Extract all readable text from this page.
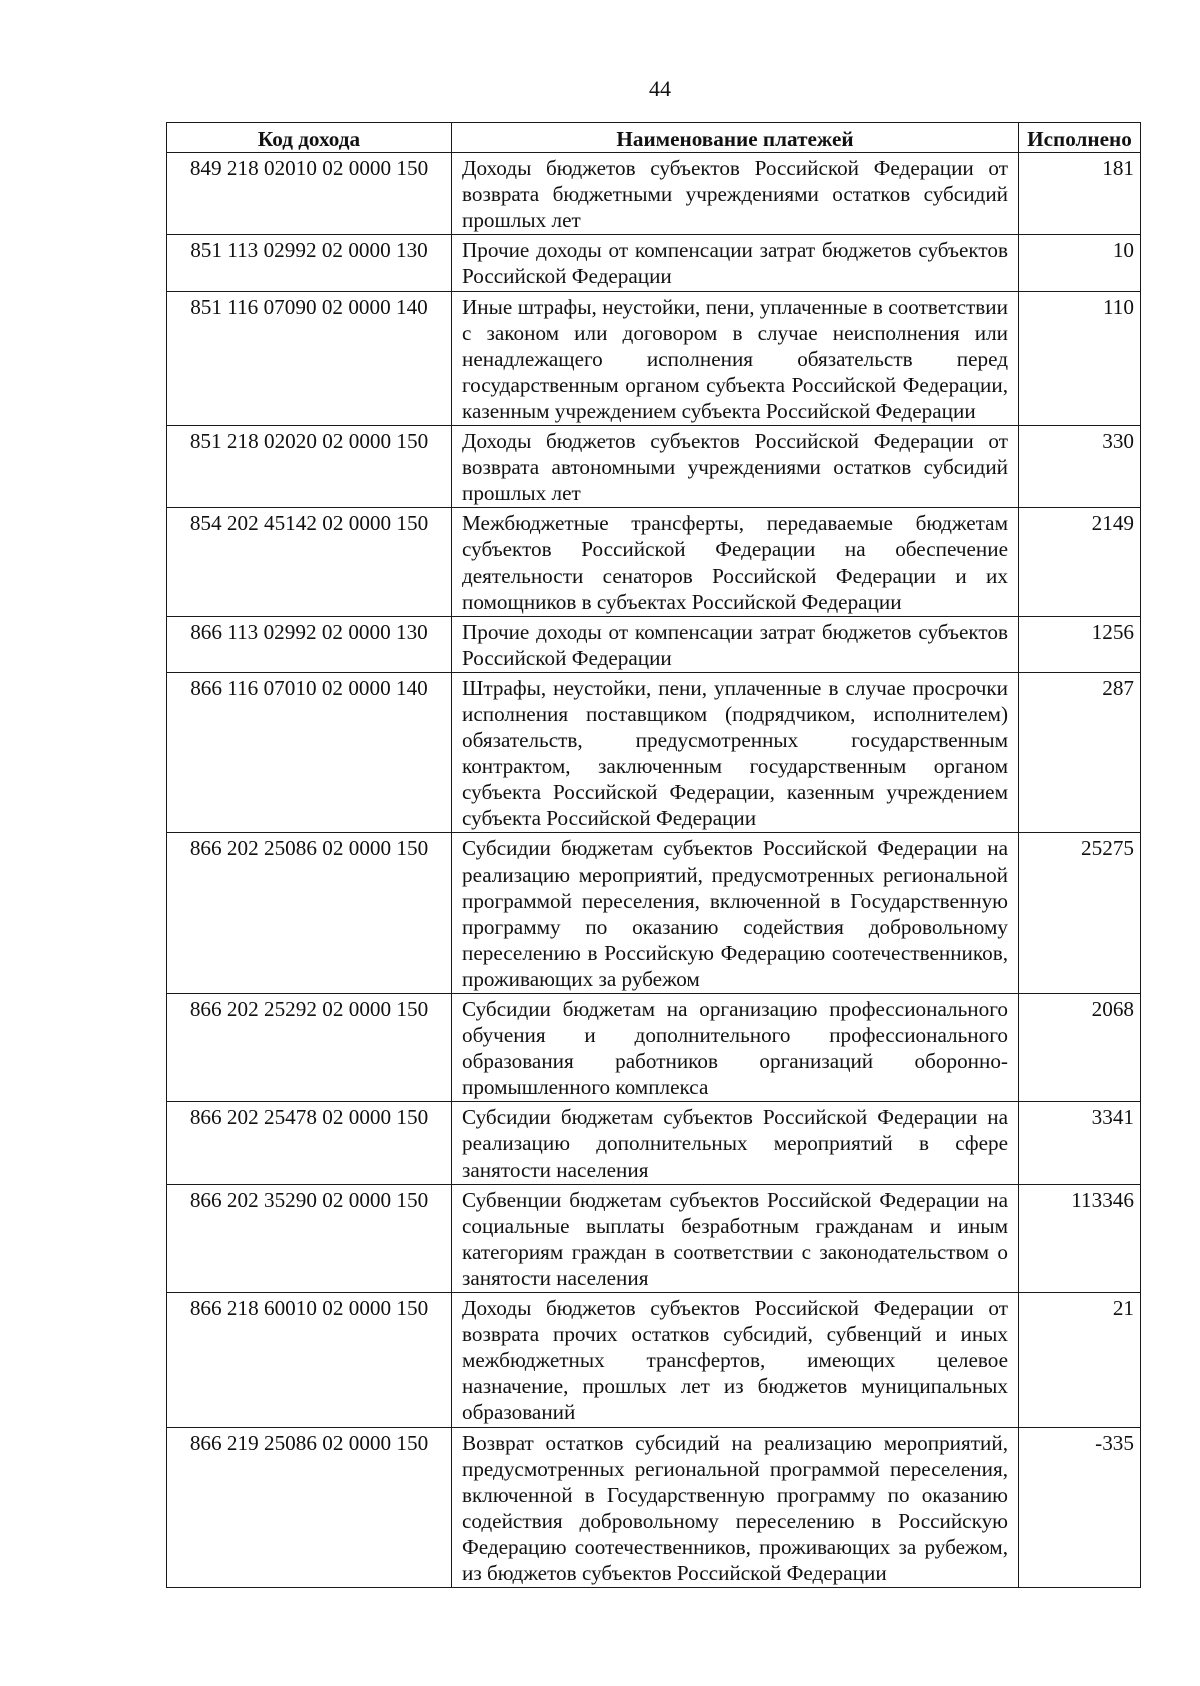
44
Код дохода	Наименование платежей	Исполнено
849 218 02010 02 0000 150	Доходы бюджетов субъектов Российской Федерации от возврата бюджетными учреждениями остатков субсидий прошлых лет	181
851 113 02992 02 0000 130	Прочие доходы от компенсации затрат бюджетов субъектов Российской Федерации	10
851 116 07090 02 0000 140	Иные штрафы, неустойки, пени, уплаченные в соответствии с законом или договором в случае неисполнения или ненадлежащего исполнения обязательств перед государственным органом субъекта Российской Федерации, казенным учреждением субъекта Российской Федерации	110
851 218 02020 02 0000 150	Доходы бюджетов субъектов Российской Федерации от возврата автономными учреждениями остатков субсидий прошлых лет	330
854 202 45142 02 0000 150	Межбюджетные трансферты, передаваемые бюджетам субъектов Российской Федерации на обеспечение деятельности сенаторов Российской Федерации и их помощников в субъектах Российской Федерации	2149
866 113 02992 02 0000 130	Прочие доходы от компенсации затрат бюджетов субъектов Российской Федерации	1256
866 116 07010 02 0000 140	Штрафы, неустойки, пени, уплаченные в случае просрочки исполнения поставщиком (подрядчиком, исполнителем) обязательств, предусмотренных государственным контрактом, заключенным государственным органом субъекта Российской Федерации, казенным учреждением субъекта Российской Федерации	287
866 202 25086 02 0000 150	Субсидии бюджетам субъектов Российской Федерации на реализацию мероприятий, предусмотренных региональной программой переселения, включенной в Государственную программу по оказанию содействия добровольному переселению в Российскую Федерацию соотечественников, проживающих за рубежом	25275
866 202 25292 02 0000 150	Субсидии бюджетам на организацию профессионального обучения и дополнительного профессионального образования работников организаций оборонно-промышленного комплекса	2068
866 202 25478 02 0000 150	Субсидии бюджетам субъектов Российской Федерации на реализацию дополнительных мероприятий в сфере занятости населения	3341
866 202 35290 02 0000 150	Субвенции бюджетам субъектов Российской Федерации на социальные выплаты безработным гражданам и иным категориям граждан в соответствии с законодательством о занятости населения	113346
866 218 60010 02 0000 150	Доходы бюджетов субъектов Российской Федерации от возврата прочих остатков субсидий, субвенций и иных межбюджетных трансфертов, имеющих целевое назначение, прошлых лет из бюджетов муниципальных образований	21
866 219 25086 02 0000 150	Возврат остатков субсидий на реализацию мероприятий, предусмотренных региональной программой переселения, включенной в Государственную программу по оказанию содействия добровольному переселению в Российскую Федерацию соотечественников, проживающих за рубежом, из бюджетов субъектов Российской Федерации	-335
